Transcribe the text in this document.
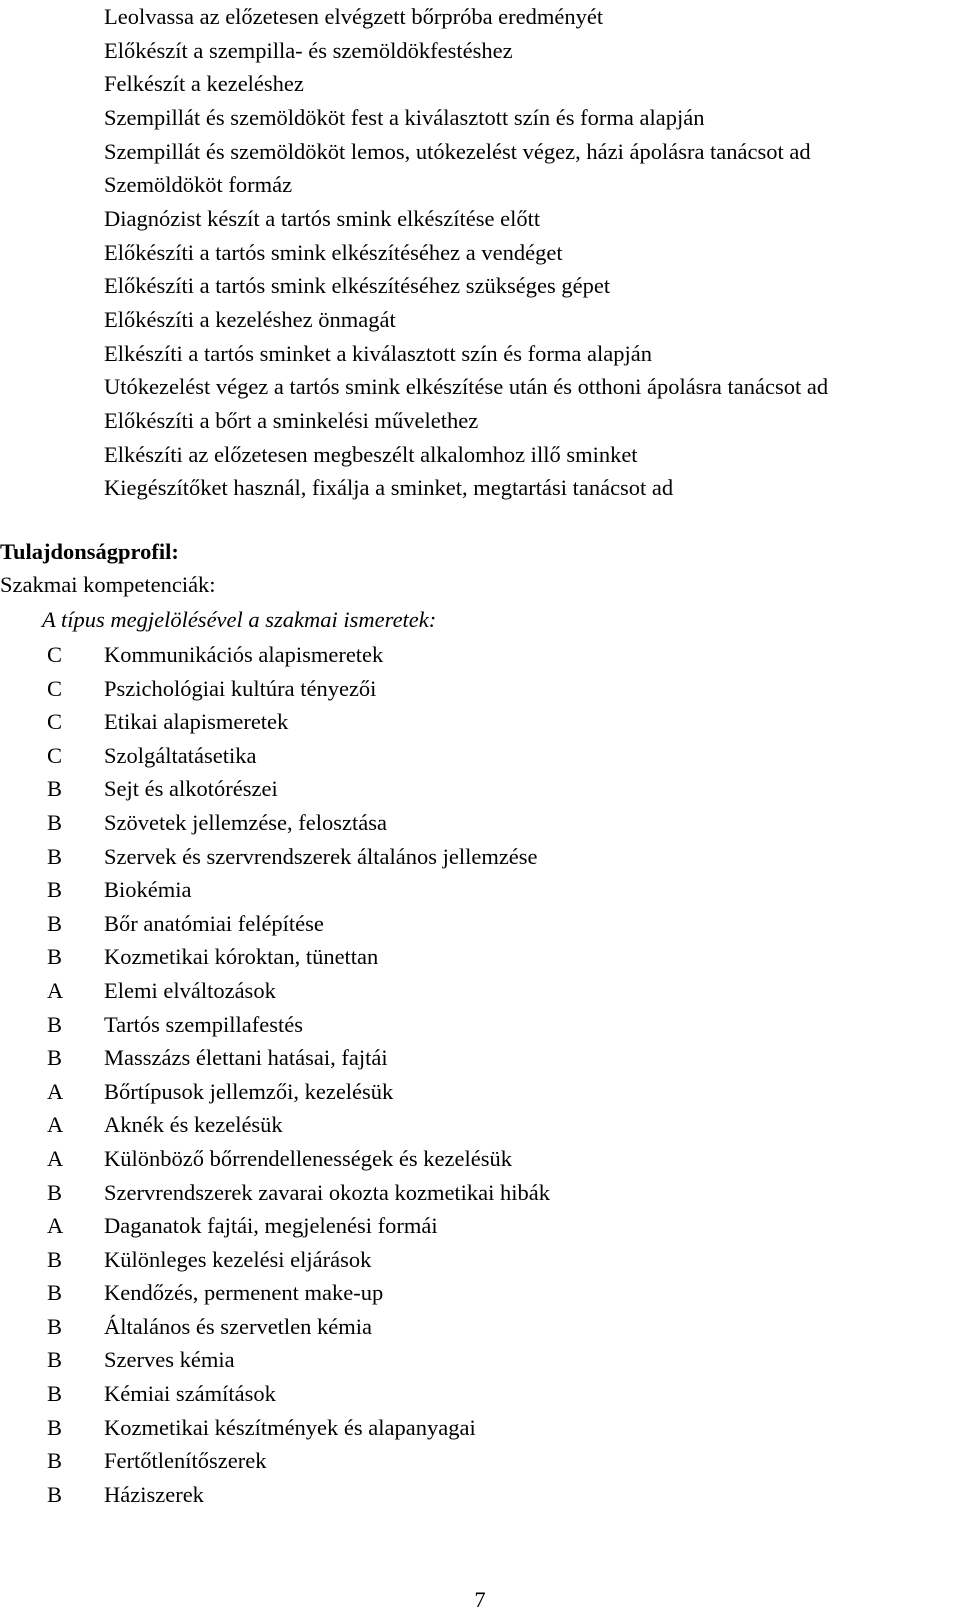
Leolvassa az előzetesen elvégzett bőrpróba eredményét
Előkészít a szempilla- és szemöldökfestéshez
Felkészít a kezeléshez
Szempillát és szemöldököt fest a kiválasztott szín és forma alapján
Szempillát és szemöldököt lemos, utókezelést végez, házi ápolásra tanácsot ad
Szemöldököt formáz
Diagnózist készít a tartós smink elkészítése előtt
Előkészíti a tartós smink elkészítéséhez a vendéget
Előkészíti a tartós smink elkészítéséhez szükséges gépet
Előkészíti a kezeléshez önmagát
Elkészíti a tartós sminket a kiválasztott szín és forma alapján
Utókezelést végez a tartós smink elkészítése után és otthoni ápolásra tanácsot ad
Előkészíti a bőrt a sminkelési művelethez
Elkészíti az előzetesen megbeszélt alkalomhoz illő sminket
Kiegészítőket használ, fixálja a sminket, megtartási tanácsot ad
Tulajdonságprofil:
Szakmai kompetenciák:
A típus megjelölésével a szakmai ismeretek:
C Kommunikációs alapismeretek
C Pszichológiai kultúra tényezői
C Etikai alapismeretek
C Szolgáltatásetika
B Sejt és alkotórészei
B Szövetek jellemzése, felosztása
B Szervek és szervrendszerek általános jellemzése
B Biokémia
B Bőr anatómiai felépítése
B Kozmetikai kóroktan, tünettan
A Elemi elváltozások
B Tartós szempillafestés
B Masszázs élettani hatásai, fajtái
A Bőrtípusok jellemzői, kezelésük
A Aknék és kezelésük
A Különböző bőrrendellenességek és kezelésük
B Szervrendszerek zavarai okozta kozmetikai hibák
A Daganatok fajtái, megjelenési formái
B Különleges kezelési eljárások
B Kendőzés, permenent make-up
B Általános és szervetlen kémia
B Szerves kémia
B Kémiai számítások
B Kozmetikai készítmények és alapanyagai
B Fertőtlenítőszerek
B Háziszerek
7
